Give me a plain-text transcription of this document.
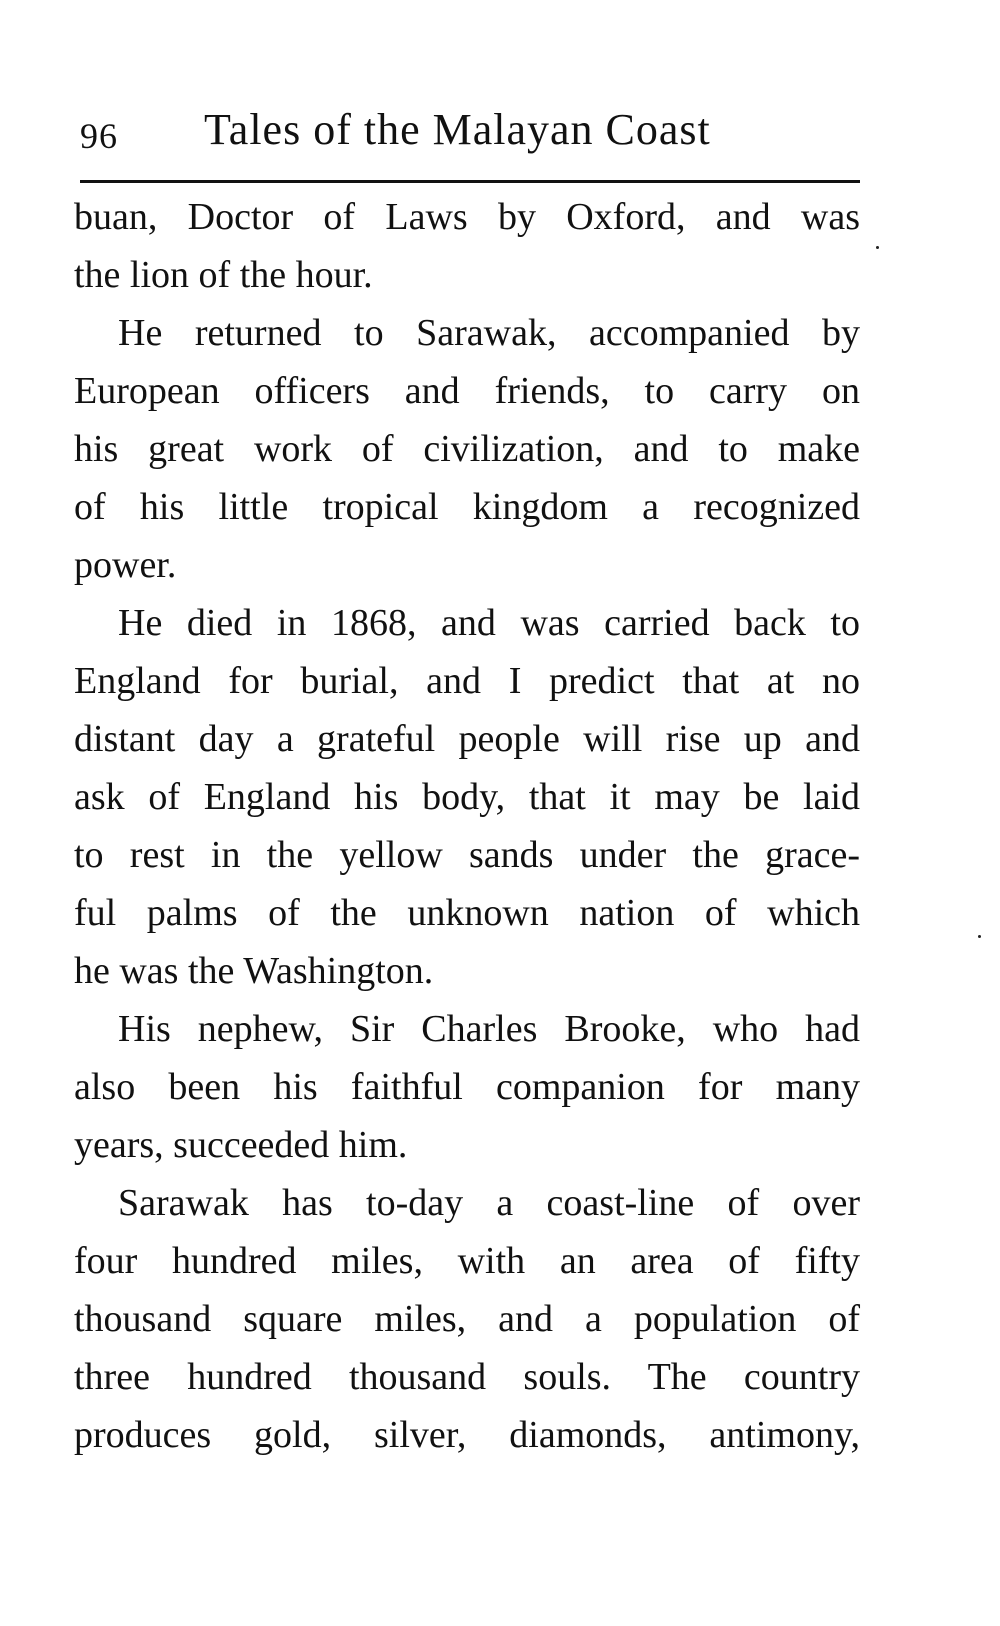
96 Tales of the Malayan Coast
buan, Doctor of Laws by Oxford, and was
the lion of the hour.
He returned to Sarawak, accompanied by
European officers and friends, to carry on
his great work of civilization, and to make
of his little tropical kingdom a recognized
power.
He died in 1868, and was carried back to
England for burial, and I predict that at no
distant day a grateful people will rise up and
ask of England his body, that it may be laid
to rest in the yellow sands under the grace-
ful palms of the unknown nation of which
he was the Washington.
His nephew, Sir Charles Brooke, who had
also been his faithful companion for many
years, succeeded him.
Sarawak has to-day a coast-line of over
four hundred miles, with an area of fifty
thousand square miles, and a population of
three hundred thousand souls. The country
produces gold, silver, diamonds, antimony,
